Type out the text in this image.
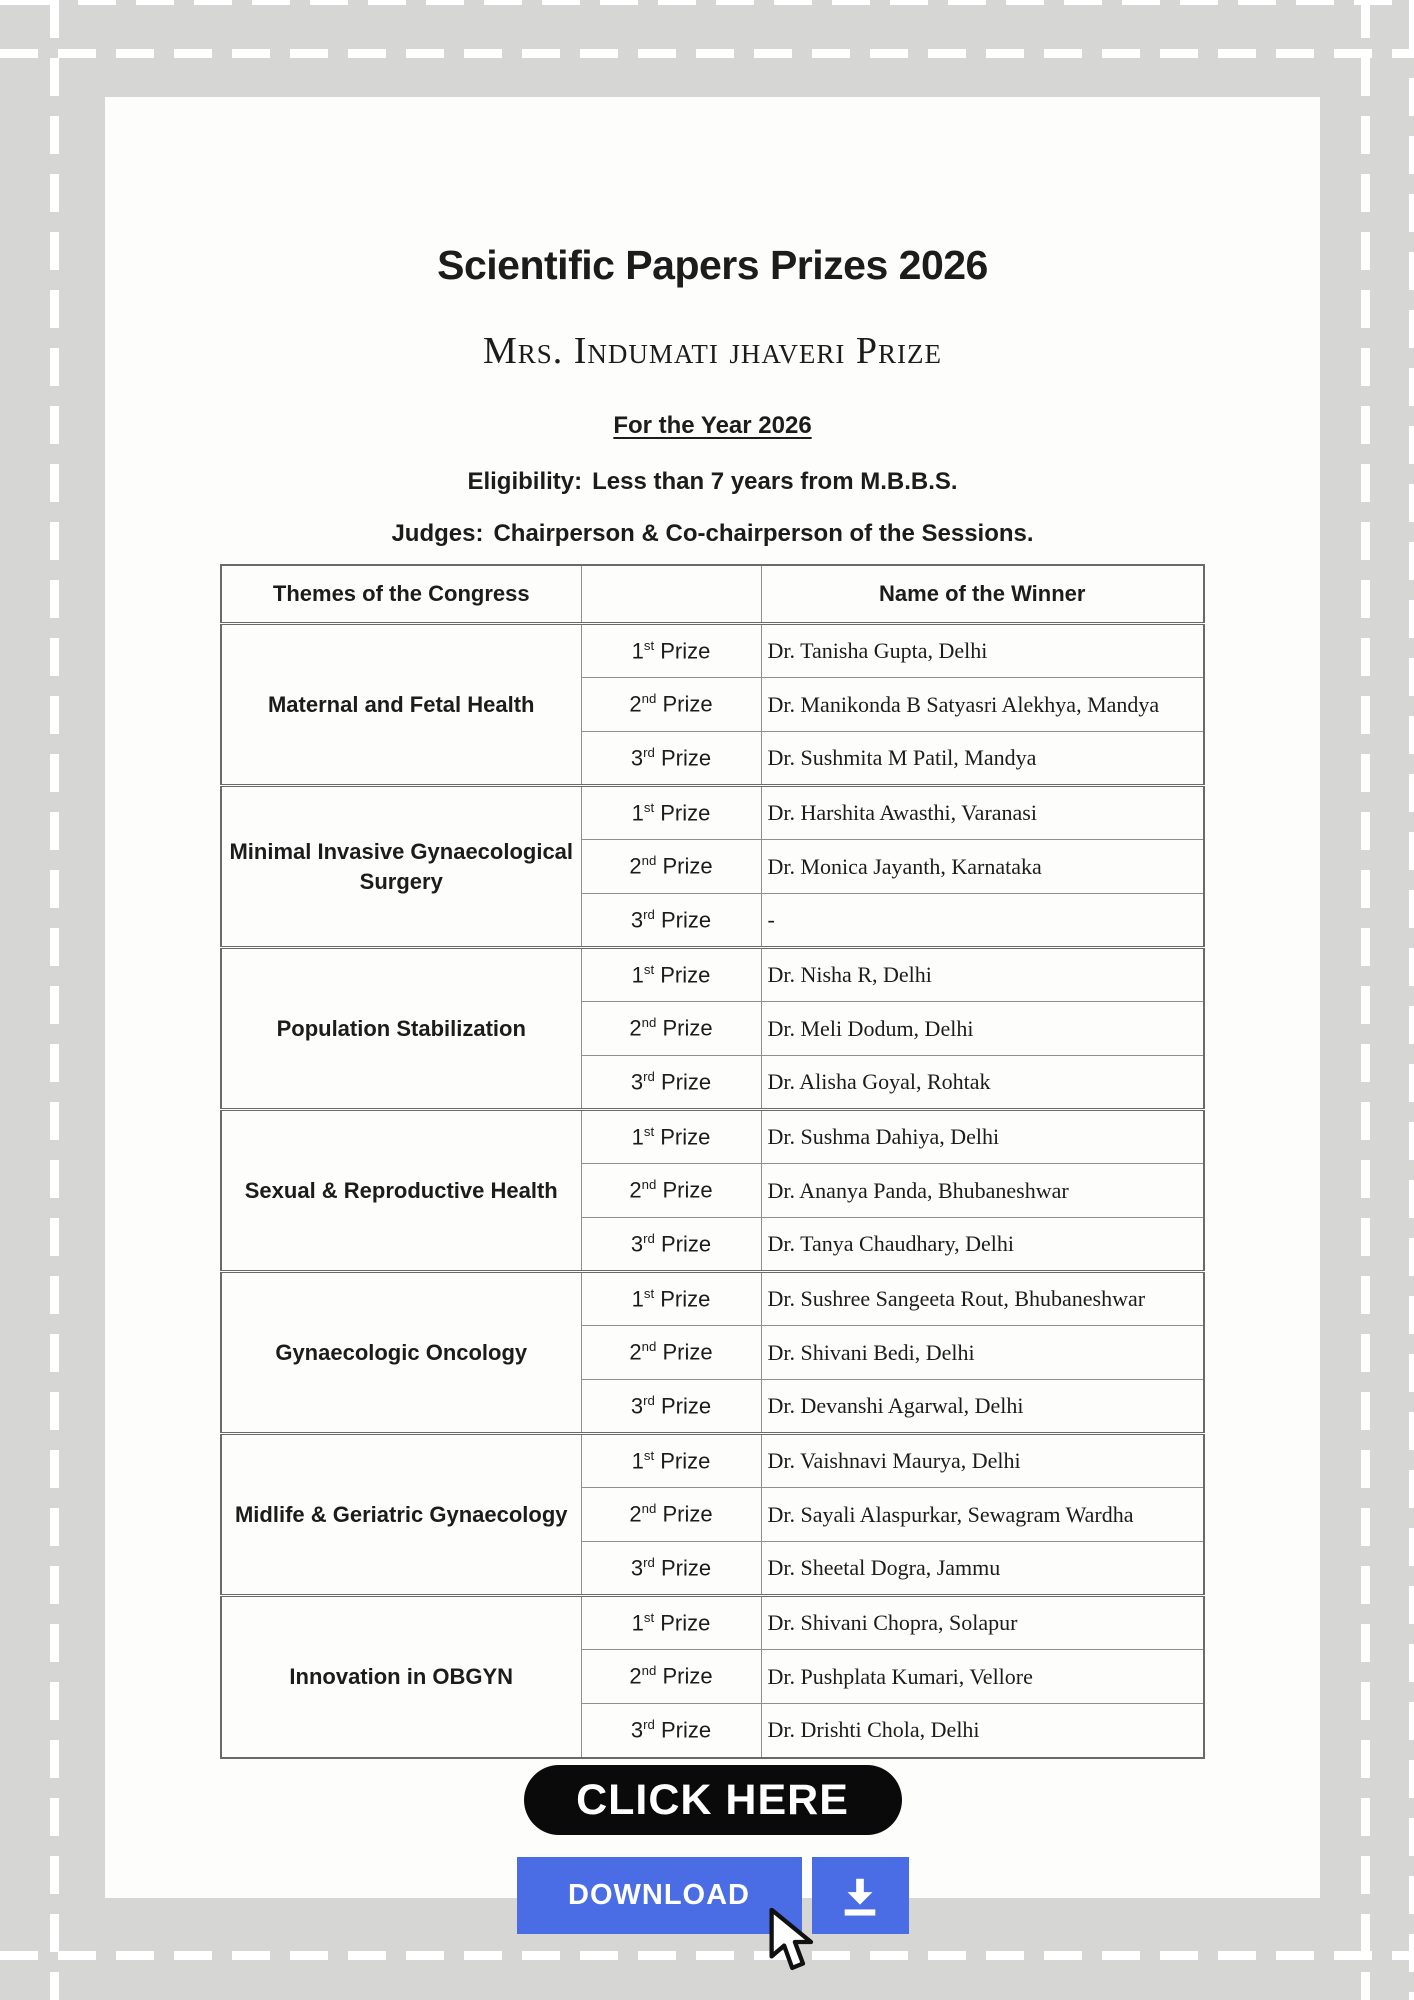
Scientific Papers Prizes 2026
Mrs. Indumati jhaveri Prize
For the Year 2026
Eligibility: Less than 7 years from M.B.B.S.
Judges: Chairperson & Co-chairperson of the Sessions.
Themes of the Congress		Name of the Winner
Maternal and Fetal Health	1st Prize	Dr. Tanisha Gupta, Delhi
	2nd Prize	Dr. Manikonda B Satyasri Alekhya, Mandya
	3rd Prize	Dr. Sushmita M Patil, Mandya
Minimal Invasive Gynaecological Surgery	1st Prize	Dr. Harshita Awasthi, Varanasi
	2nd Prize	Dr. Monica Jayanth, Karnataka
	3rd Prize	-
Population Stabilization	1st Prize	Dr. Nisha R, Delhi
	2nd Prize	Dr. Meli Dodum, Delhi
	3rd Prize	Dr. Alisha Goyal, Rohtak
Sexual & Reproductive Health	1st Prize	Dr. Sushma Dahiya, Delhi
	2nd Prize	Dr. Ananya Panda, Bhubaneshwar
	3rd Prize	Dr. Tanya Chaudhary, Delhi
Gynaecologic Oncology	1st Prize	Dr. Sushree Sangeeta Rout, Bhubaneshwar
	2nd Prize	Dr. Shivani Bedi, Delhi
	3rd Prize	Dr. Devanshi Agarwal, Delhi
Midlife & Geriatric Gynaecology	1st Prize	Dr. Vaishnavi Maurya, Delhi
	2nd Prize	Dr. Sayali Alaspurkar, Sewagram Wardha
	3rd Prize	Dr. Sheetal Dogra, Jammu
Innovation in OBGYN	1st Prize	Dr. Shivani Chopra, Solapur
	2nd Prize	Dr. Pushplata Kumari, Vellore
	3rd Prize	Dr. Drishti Chola, Delhi
CLICK HERE
DOWNLOAD
